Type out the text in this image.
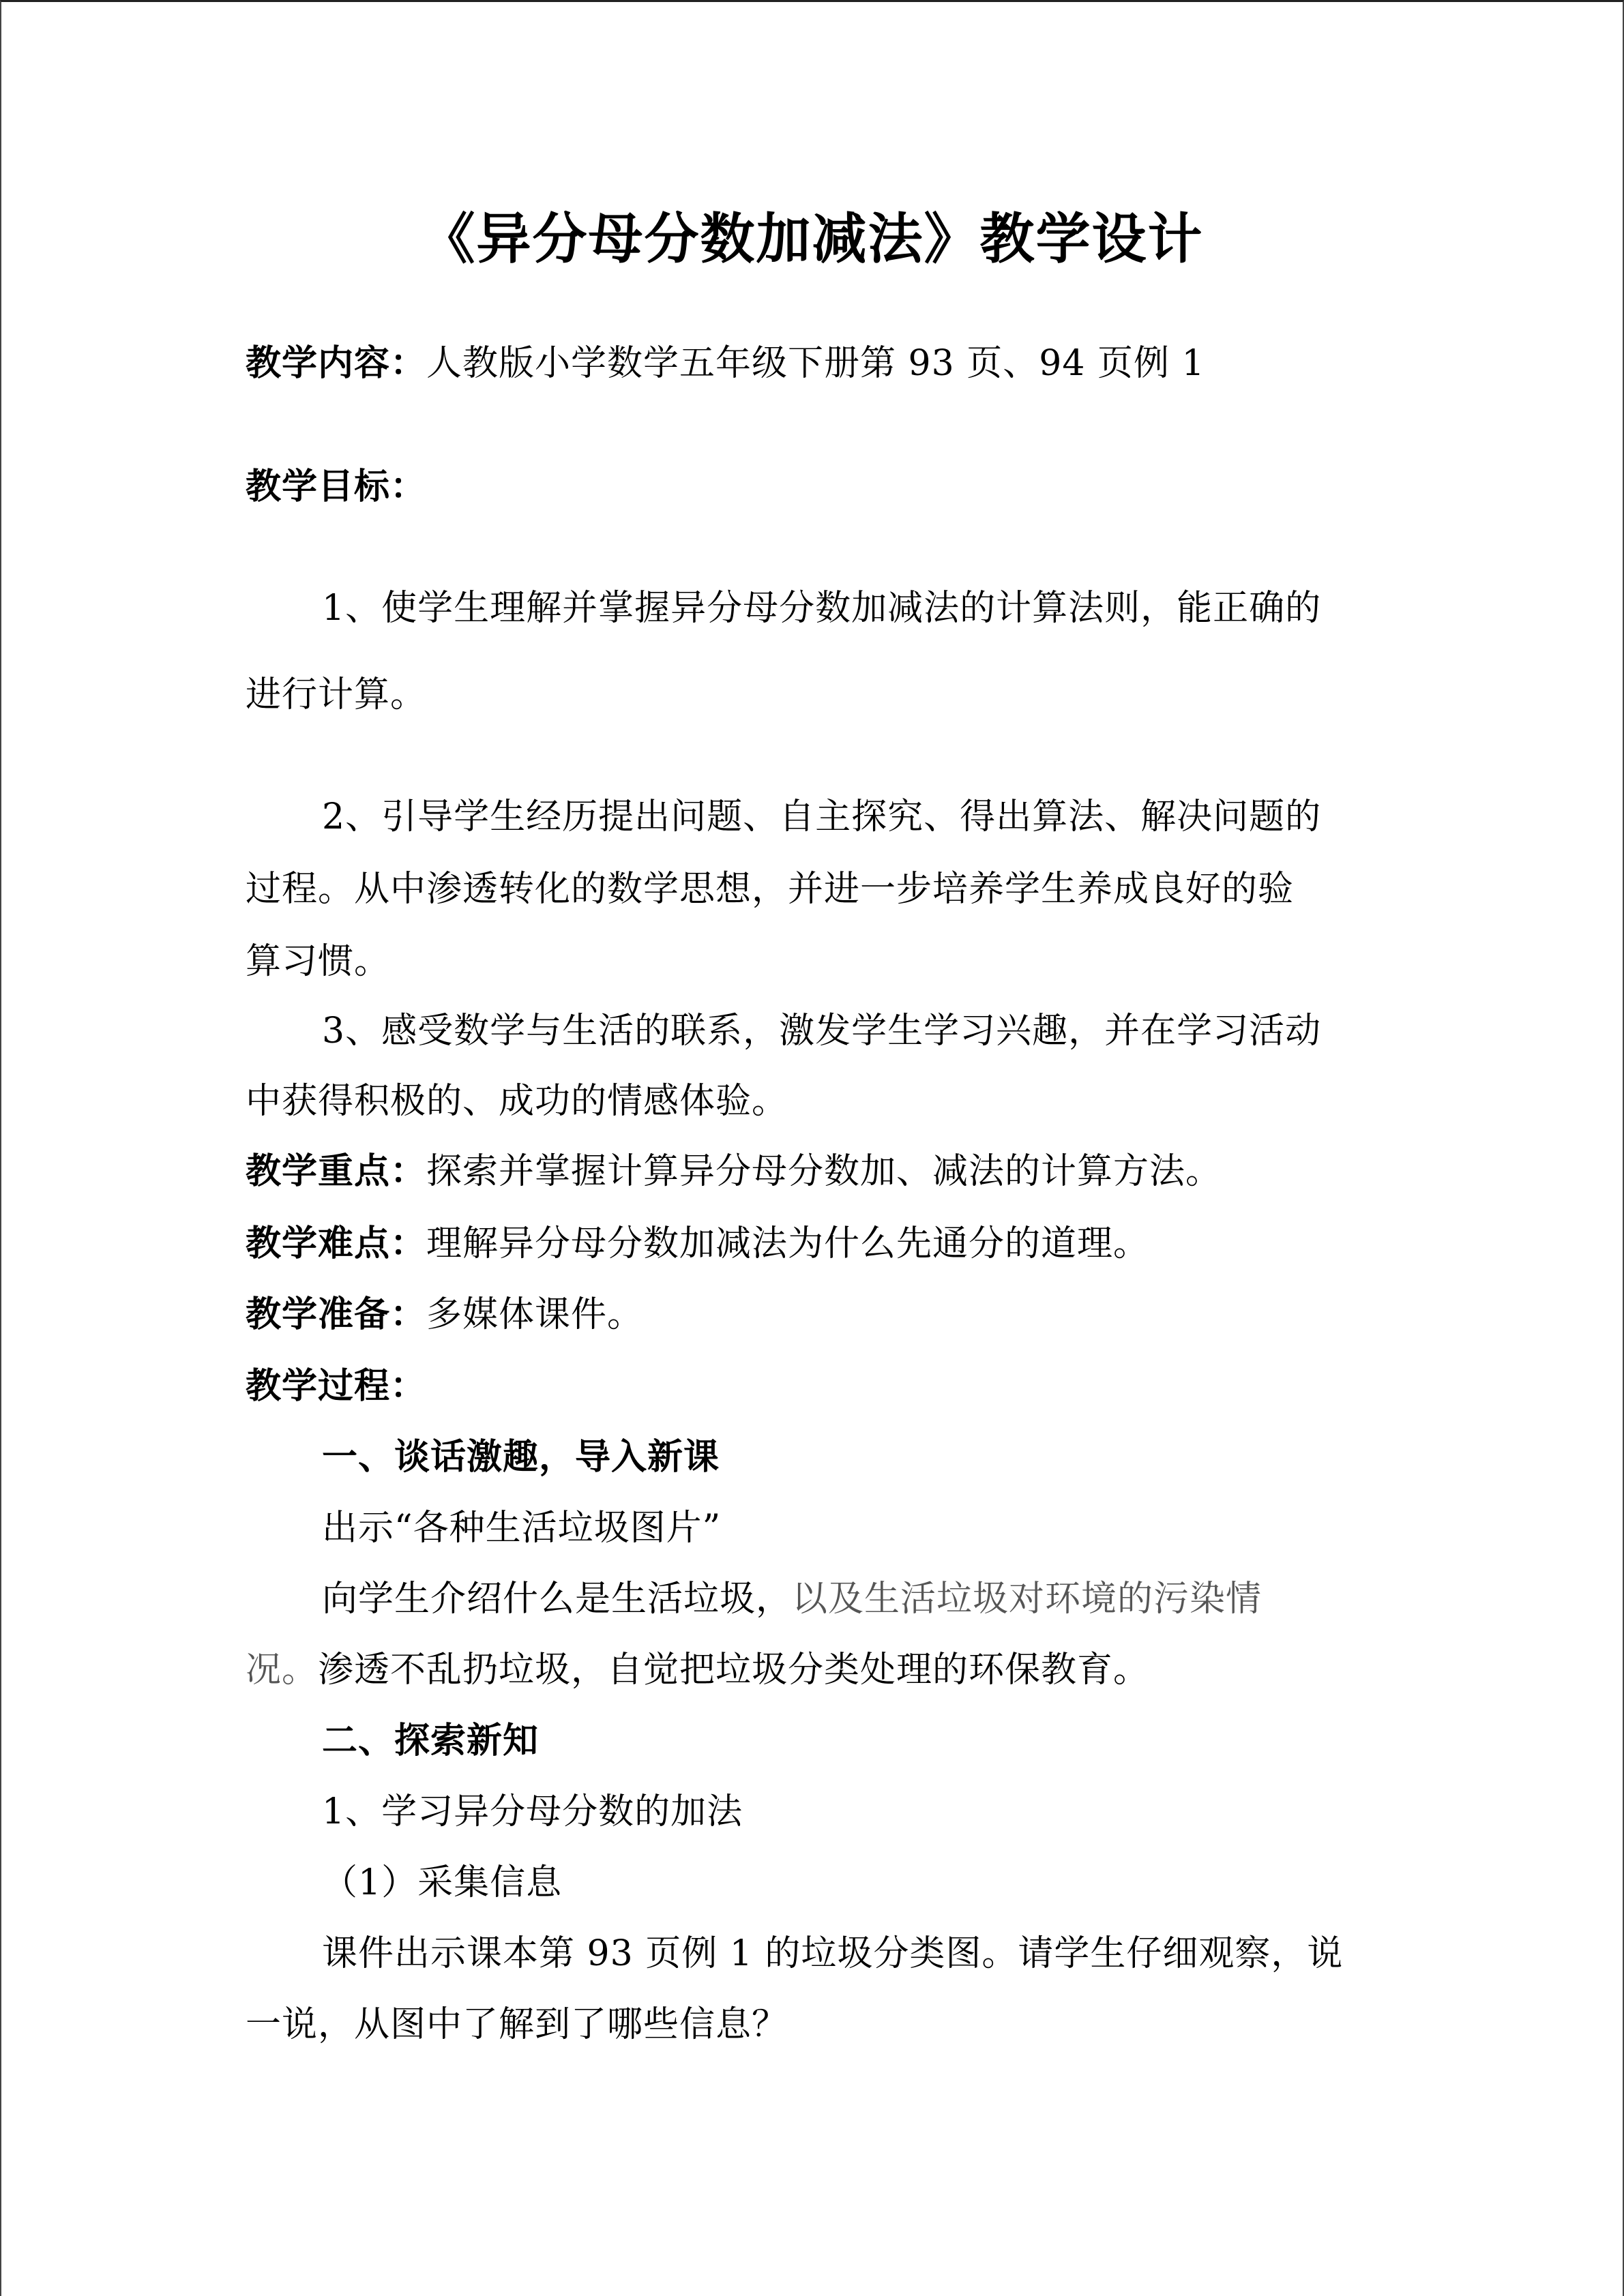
《异分母分数加减法》教学设计
教学内容：人教版小学数学五年级下册第 93 页、94 页例 1
教学目标：
1、使学生理解并掌握异分母分数加减法的计算法则，能正确的
进行计算。
2、引导学生经历提出问题、自主探究、得出算法、解决问题的
过程。从中渗透转化的数学思想，并进一步培养学生养成良好的验
算习惯。
3、感受数学与生活的联系，激发学生学习兴趣，并在学习活动
中获得积极的、成功的情感体验。
教学重点：探索并掌握计算异分母分数加、减法的计算方法。
教学难点：理解异分母分数加减法为什么先通分的道理。
教学准备：多媒体课件。
教学过程：
一、谈话激趣，导入新课
出示“各种生活垃圾图片”
向学生介绍什么是生活垃圾，以及生活垃圾对环境的污染情
况。渗透不乱扔垃圾，自觉把垃圾分类处理的环保教育。
二、探索新知
1、学习异分母分数的加法
（1）采集信息
课件出示课本第 93 页例 1 的垃圾分类图。请学生仔细观察，说
一说，从图中了解到了哪些信息？
